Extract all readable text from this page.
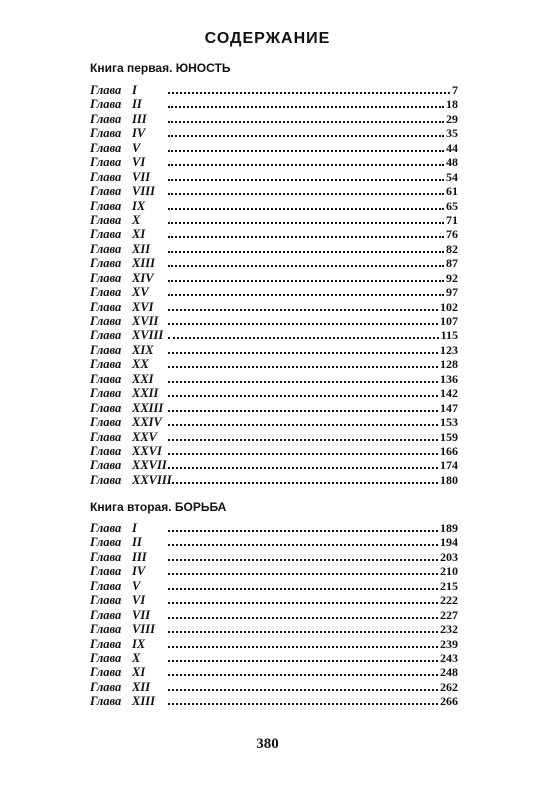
СОДЕРЖАНИЕ
Книга первая. ЮНОСТЬ
Глава I	7
Глава II	18
Глава III	29
Глава IV	35
Глава V	44
Глава VI	48
Глава VII	54
Глава VIII	61
Глава IX	65
Глава X	71
Глава XI	76
Глава XII	82
Глава XIII	87
Глава XIV	92
Глава XV	97
Глава XVI	102
Глава XVII	107
Глава XVIII	115
Глава XIX	123
Глава XX	128
Глава XXI	136
Глава XXII	142
Глава XXIII	147
Глава XXIV	153
Глава XXV	159
Глава XXVI	166
Глава XXVII	174
Глава XXVIII	180
Книга вторая. БОРЬБА
Глава I	189
Глава II	194
Глава III	203
Глава IV	210
Глава V	215
Глава VI	222
Глава VII	227
Глава VIII	232
Глава IX	239
Глава X	243
Глава XI	248
Глава XII	262
Глава XIII	266
380
